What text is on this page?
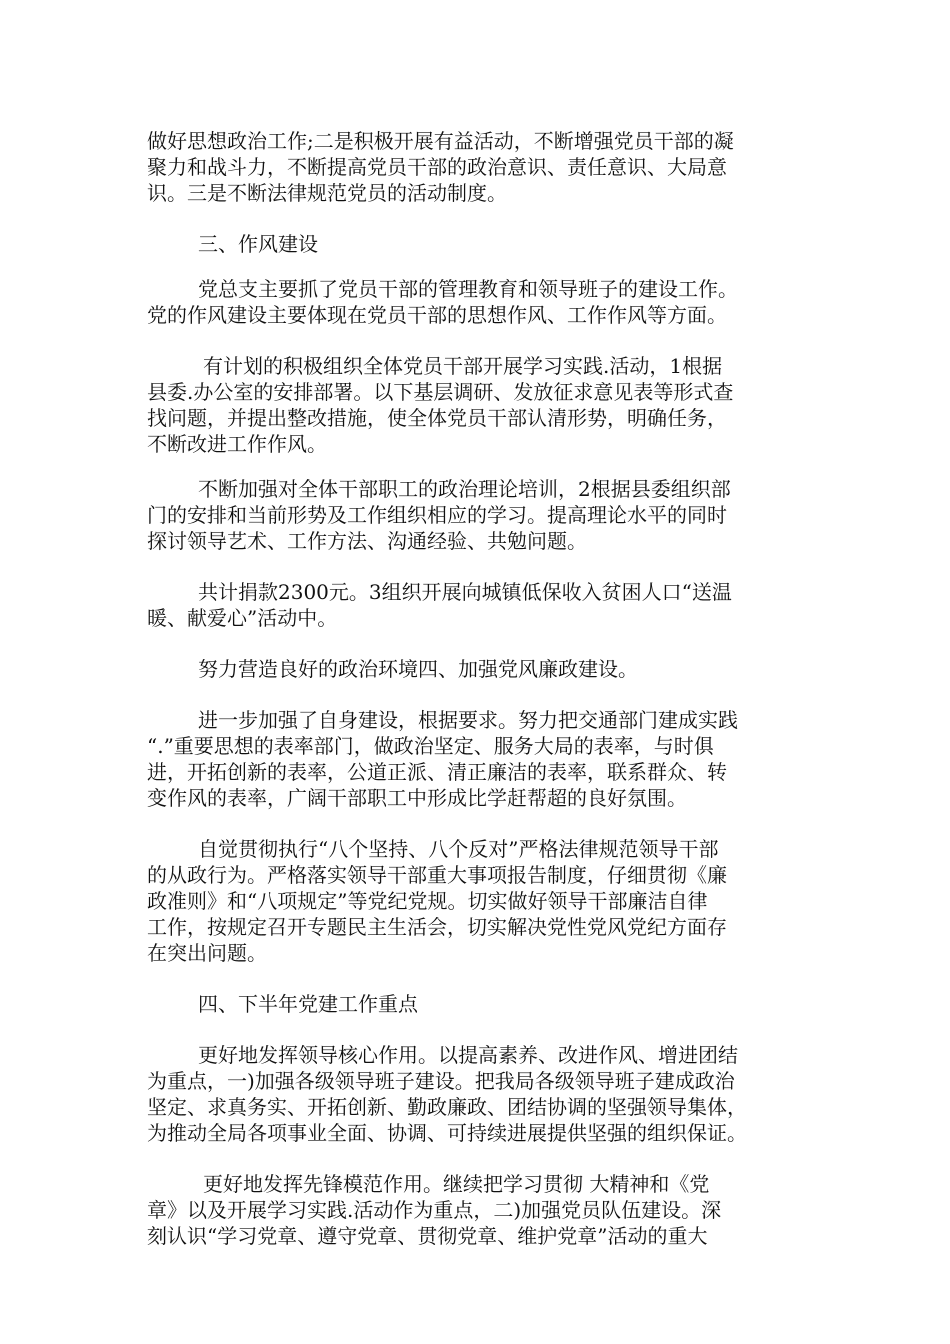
做好思想政治工作;二是积极开展有益活动，不断增强党员干部的凝
聚力和战斗力，不断提高党员干部的政治意识、责任意识、大局意
识。三是不断法律规范党员的活动制度。
三、作风建设
党总支主要抓了党员干部的管理教育和领导班子的建设工作。
党的作风建设主要体现在党员干部的思想作风、工作作风等方面。
有计划的积极组织全体党员干部开展学习实践.活动，1根据
县委.办公室的安排部署。以下基层调研、发放征求意见表等形式查
找问题，并提出整改措施，使全体党员干部认清形势，明确任务，
不断改进工作作风。
不断加强对全体干部职工的政治理论培训，2根据县委组织部
门的安排和当前形势及工作组织相应的学习。提高理论水平的同时
探讨领导艺术、工作方法、沟通经验、共勉问题。
共计捐款2300元。3组织开展向城镇低保收入贫困人口“送温
暖、献爱心”活动中。
努力营造良好的政治环境四、加强党风廉政建设。
进一步加强了自身建设，根据要求。努力把交通部门建成实践
“.”重要思想的表率部门，做政治坚定、服务大局的表率，与时俱
进，开拓创新的表率，公道正派、清正廉洁的表率，联系群众、转
变作风的表率，广阔干部职工中形成比学赶帮超的良好氛围。
自觉贯彻执行“八个坚持、八个反对”严格法律规范领导干部
的从政行为。严格落实领导干部重大事项报告制度，仔细贯彻《廉
政准则》和“八项规定”等党纪党规。切实做好领导干部廉洁自律
工作，按规定召开专题民主生活会，切实解决党性党风党纪方面存
在突出问题。
四、下半年党建工作重点
更好地发挥领导核心作用。以提高素养、改进作风、增进团结
为重点，一)加强各级领导班子建设。把我局各级领导班子建成政治
坚定、求真务实、开拓创新、勤政廉政、团结协调的坚强领导集体，
为推动全局各项事业全面、协调、可持续进展提供坚强的组织保证。
更好地发挥先锋模范作用。继续把学习贯彻 大精神和《党
章》以及开展学习实践.活动作为重点，二)加强党员队伍建设。深
刻认识“学习党章、遵守党章、贯彻党章、维护党章”活动的重大
